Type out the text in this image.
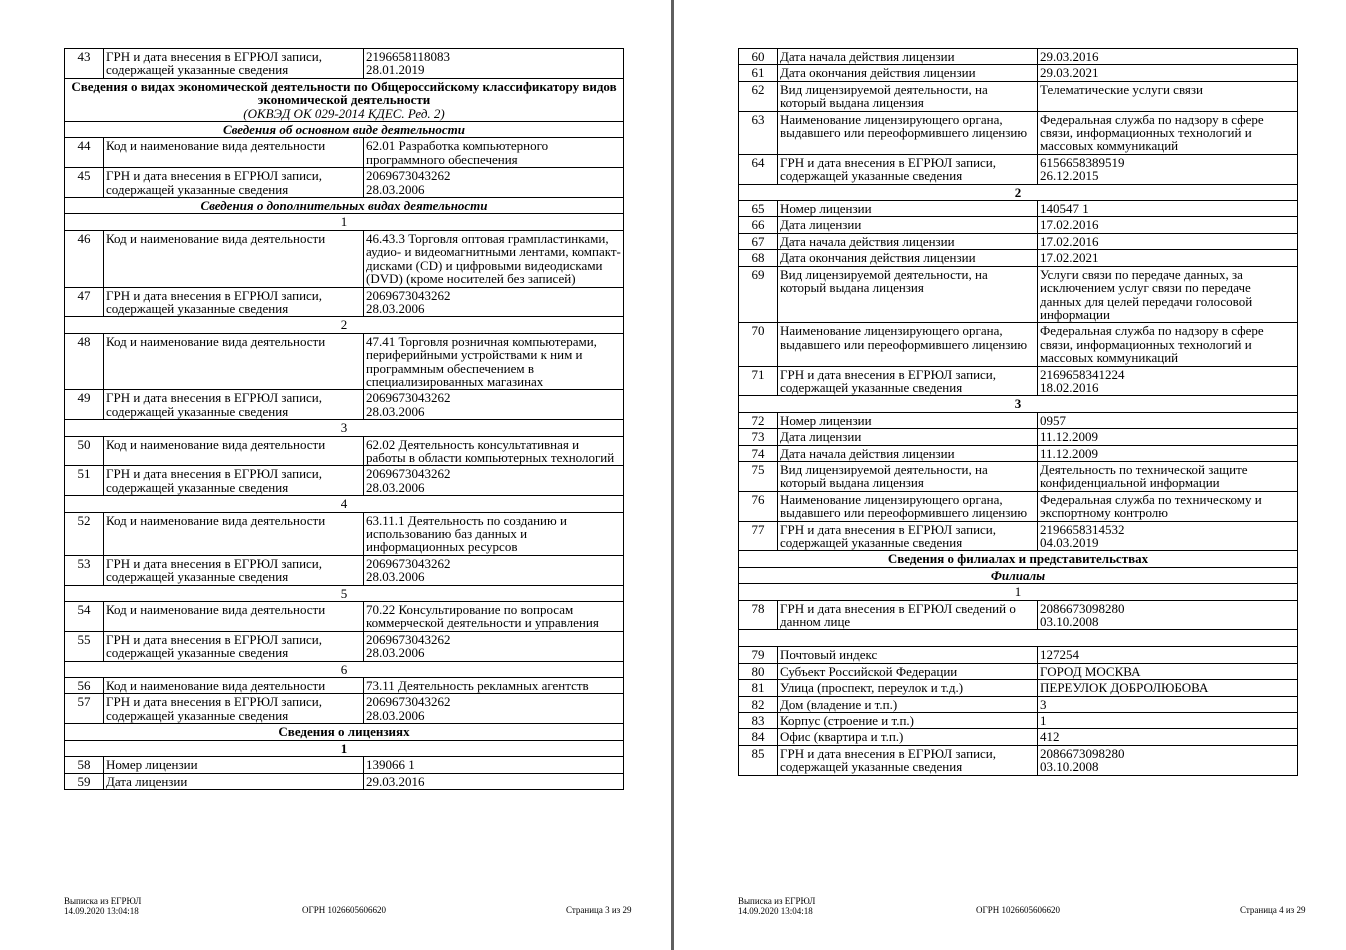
43	ГРН и дата внесения в ЕГРЮЛ записи, содержащей указанные сведения	2196658118083
28.01.2019

Сведения о видах экономической деятельности по Общероссийскому классификатору видов экономической деятельности
(ОКВЭД ОК 029-2014 КДЕС. Ред. 2)		

Сведения об основном виде деятельности		
44	Код и наименование вида деятельности	62.01 Разработка компьютерного программного обеспечения

45	ГРН и дата внесения в ЕГРЮЛ записи, содержащей указанные сведения	2069673043262
28.03.2006

Сведения о дополнительных видах деятельности		
1		
46	Код и наименование вида деятельности	46.43.3 Торговля оптовая грампластинками, аудио- и видеомагнитными лентами, компакт-дисками (CD) и цифровыми видеодисками (DVD) (кроме носителей без записей)

47	ГРН и дата внесения в ЕГРЮЛ записи, содержащей указанные сведения	2069673043262
28.03.2006

2		
48	Код и наименование вида деятельности	47.41 Торговля розничная компьютерами, периферийными устройствами к ним и программным обеспечением в специализированных магазинах

49	ГРН и дата внесения в ЕГРЮЛ записи, содержащей указанные сведения	2069673043262
28.03.2006

3		
50	Код и наименование вида деятельности	62.02 Деятельность консультативная и работы в области компьютерных технологий

51	ГРН и дата внесения в ЕГРЮЛ записи, содержащей указанные сведения	2069673043262
28.03.2006

4		
52	Код и наименование вида деятельности	63.11.1 Деятельность по созданию и использованию баз данных и информационных ресурсов

53	ГРН и дата внесения в ЕГРЮЛ записи, содержащей указанные сведения	2069673043262
28.03.2006

5		
54	Код и наименование вида деятельности	70.22 Консультирование по вопросам коммерческой деятельности и управления

55	ГРН и дата внесения в ЕГРЮЛ записи, содержащей указанные сведения	2069673043262
28.03.2006

6		
56	Код и наименование вида деятельности	73.11 Деятельность рекламных агентств

57	ГРН и дата внесения в ЕГРЮЛ записи, содержащей указанные сведения	2069673043262
28.03.2006

Сведения о лицензиях		
1		
58	Номер лицензии	139066 1

59	Дата лицензии	29.03.2016
Выписка из ЕГРЮЛ
14.09.2020 13:04:18	ОГРН 1026605606620	Страница 3 из 29
60	Дата начала действия лицензии	29.03.2016

61	Дата окончания действия лицензии	29.03.2021

62	Вид лицензируемой деятельности, на который выдана лицензия	Телематические услуги связи

63	Наименование лицензирующего органа, выдавшего или переоформившего лицензию	Федеральная служба по надзору в сфере связи, информационных технологий и массовых коммуникаций

64	ГРН и дата внесения в ЕГРЮЛ записи, содержащей указанные сведения	6156658389519
26.12.2015

2		
65	Номер лицензии	140547 1

66	Дата лицензии	17.02.2016

67	Дата начала действия лицензии	17.02.2016

68	Дата окончания действия лицензии	17.02.2021

69	Вид лицензируемой деятельности, на который выдана лицензия	Услуги связи по передаче данных, за исключением услуг связи по передаче данных для целей передачи голосовой информации

70	Наименование лицензирующего органа, выдавшего или переоформившего лицензию	Федеральная служба по надзору в сфере связи, информационных технологий и массовых коммуникаций

71	ГРН и дата внесения в ЕГРЮЛ записи, содержащей указанные сведения	2169658341224
18.02.2016

3		
72	Номер лицензии	0957

73	Дата лицензии	11.12.2009

74	Дата начала действия лицензии	11.12.2009

75	Вид лицензируемой деятельности, на который выдана лицензия	Деятельность по технической защите конфиденциальной информации

76	Наименование лицензирующего органа, выдавшего или переоформившего лицензию	Федеральная служба по техническому и экспортному контролю

77	ГРН и дата внесения в ЕГРЮЛ записи, содержащей указанные сведения	2196658314532
04.03.2019

Сведения о филиалах и представительствах		
Филиалы		
1		
78	ГРН и дата внесения в ЕГРЮЛ сведений о данном лице	2086673098280
03.10.2008

79	Почтовый индекс	127254

80	Субъект Российской Федерации	ГОРОД МОСКВА

81	Улица (проспект, переулок и т.д.)	ПЕРЕУЛОК ДОБРОЛЮБОВА

82	Дом (владение и т.п.)	3

83	Корпус (строение и т.п.)	1

84	Офис (квартира и т.п.)	412

85	ГРН и дата внесения в ЕГРЮЛ записи, содержащей указанные сведения	2086673098280
03.10.2008
Выписка из ЕГРЮЛ
14.09.2020 13:04:18	ОГРН 1026605606620	Страница 4 из 29
